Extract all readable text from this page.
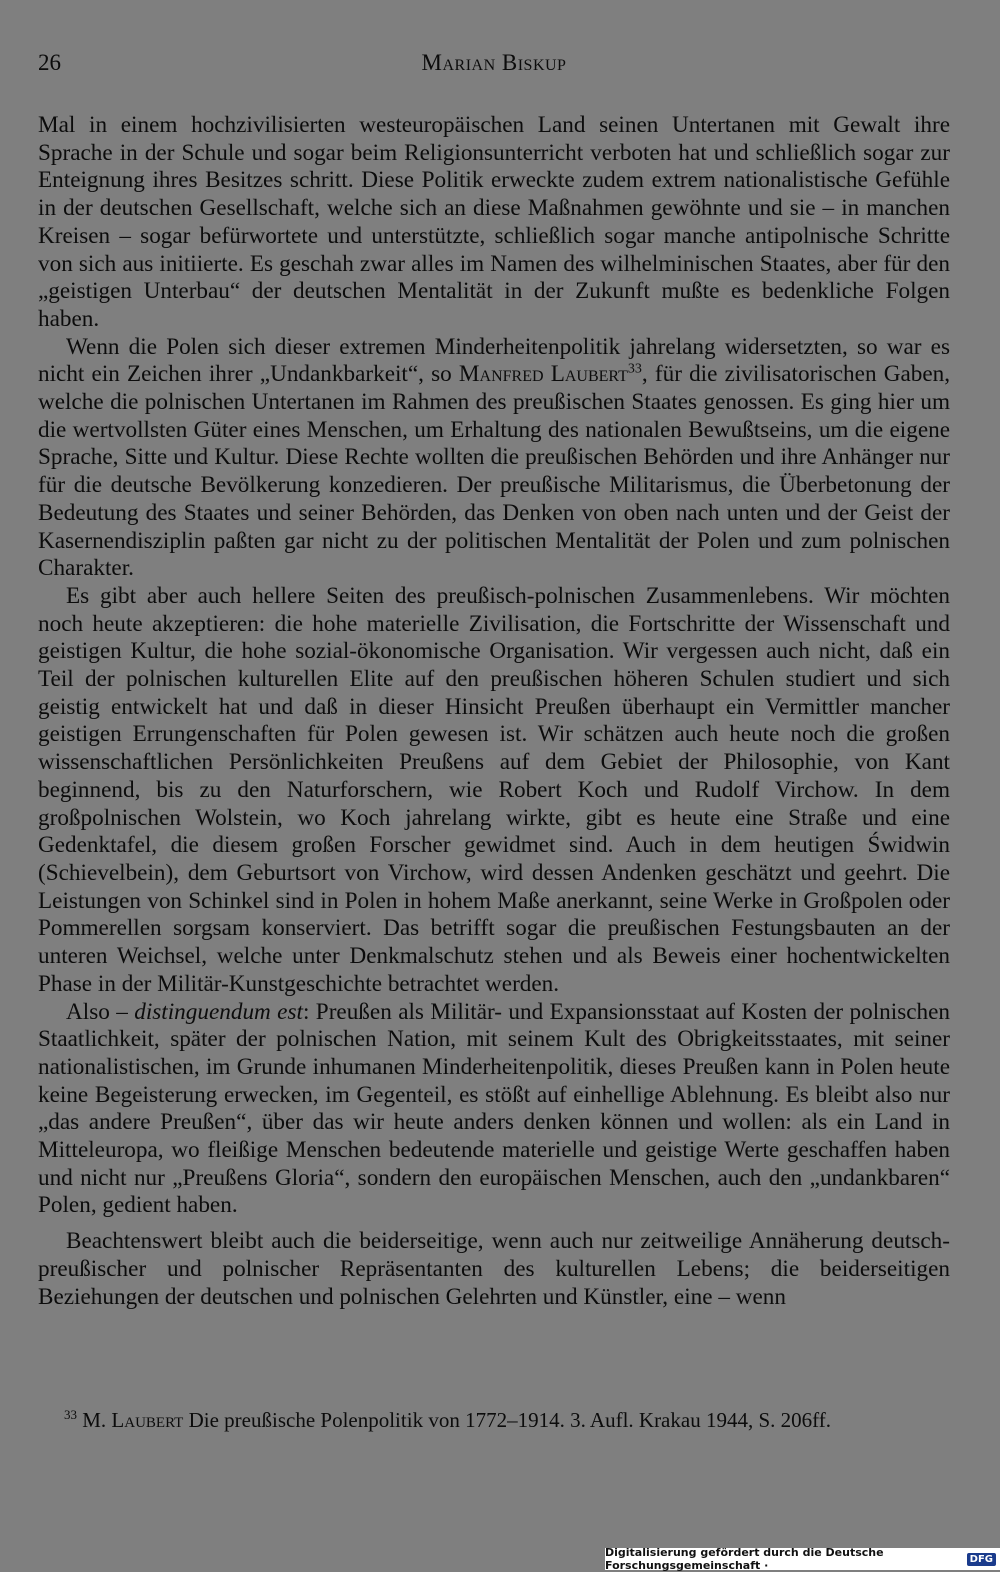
26	Marian Biskup

Mal in einem hochzivilisierten westeuropäischen Land seinen Untertanen mit Gewalt ihre Sprache in der Schule und sogar beim Religionsunterricht verboten hat und schließlich sogar zur Enteignung ihres Besitzes schritt. Diese Politik erweckte zudem extrem nationalistische Gefühle in der deutschen Gesellschaft, welche sich an diese Maßnahmen gewöhnte und sie – in manchen Kreisen – sogar befürwortete und unterstützte, schließlich sogar manche antipolnische Schritte von sich aus initiierte. Es geschah zwar alles im Namen des wilhelminischen Staates, aber für den „geistigen Unterbau“ der deutschen Mentalität in der Zukunft mußte es bedenkliche Folgen haben.

Wenn die Polen sich dieser extremen Minderheitenpolitik jahrelang widersetzten, so war es nicht ein Zeichen ihrer „Undankbarkeit“, so Manfred Laubert$^{33}$, für die zivilisatorischen Gaben, welche die polnischen Untertanen im Rahmen des preußischen Staates genossen. Es ging hier um die wertvollsten Güter eines Menschen, um Erhaltung des nationalen Bewußtseins, um die eigene Sprache, Sitte und Kultur. Diese Rechte wollten die preußischen Behörden und ihre Anhänger nur für die deutsche Bevölkerung konzedieren. Der preußische Militarismus, die Überbetonung der Bedeutung des Staates und seiner Behörden, das Denken von oben nach unten und der Geist der Kasernendisziplin paßten gar nicht zu der politischen Mentalität der Polen und zum polnischen Charakter.

Es gibt aber auch hellere Seiten des preußisch-polnischen Zusammenlebens. Wir möchten noch heute akzeptieren: die hohe materielle Zivilisation, die Fortschritte der Wissenschaft und geistigen Kultur, die hohe sozial-ökonomische Organisation. Wir vergessen auch nicht, daß ein Teil der polnischen kulturellen Elite auf den preußischen höheren Schulen studiert und sich geistig entwickelt hat und daß in dieser Hinsicht Preußen überhaupt ein Vermittler mancher geistigen Errungenschaften für Polen gewesen ist. Wir schätzen auch heute noch die großen wissenschaftlichen Persönlichkeiten Preußens auf dem Gebiet der Philosophie, von Kant beginnend, bis zu den Naturforschern, wie Robert Koch und Rudolf Virchow. In dem großpolnischen Wolstein, wo Koch jahrelang wirkte, gibt es heute eine Straße und eine Gedenktafel, die diesem großen Forscher gewidmet sind. Auch in dem heutigen Świdwin (Schievelbein), dem Geburtsort von Virchow, wird dessen Andenken geschätzt und geehrt. Die Leistungen von Schinkel sind in Polen in hohem Maße anerkannt, seine Werke in Großpolen oder Pommerellen sorgsam konserviert. Das betrifft sogar die preußischen Festungsbauten an der unteren Weichsel, welche unter Denkmalschutz stehen und als Beweis einer hochentwickelten Phase in der Militär-Kunstgeschichte betrachtet werden.

Also – distinguendum est: Preußen als Militär- und Expansionsstaat auf Kosten der polnischen Staatlichkeit, später der polnischen Nation, mit seinem Kult des Obrigkeitsstaates, mit seiner nationalistischen, im Grunde inhumanen Minderheitenpolitik, dieses Preußen kann in Polen heute keine Begeisterung erwecken, im Gegenteil, es stößt auf einhellige Ablehnung. Es bleibt also nur „das andere Preußen“, über das wir heute anders denken können und wollen: als ein Land in Mitteleuropa, wo fleißige Menschen bedeutende materielle und geistige Werte geschaffen haben und nicht nur „Preußens Gloria“, sondern den europäischen Menschen, auch den „undankbaren“ Polen, gedient haben.

Beachtenswert bleibt auch die beiderseitige, wenn auch nur zeitweilige Annäherung deutsch-preußischer und polnischer Repräsentanten des kulturellen Lebens; die beiderseitigen Beziehungen der deutschen und polnischen Gelehrten und Künstler, eine – wenn

$^{33}$ M. Laubert Die preußische Polenpolitik von 1772–1914. 3. Aufl. Krakau 1944, S. 206ff.
Digitalisierung gefördert durch die Deutsche Forschungsgemeinschaft ·	DFG
